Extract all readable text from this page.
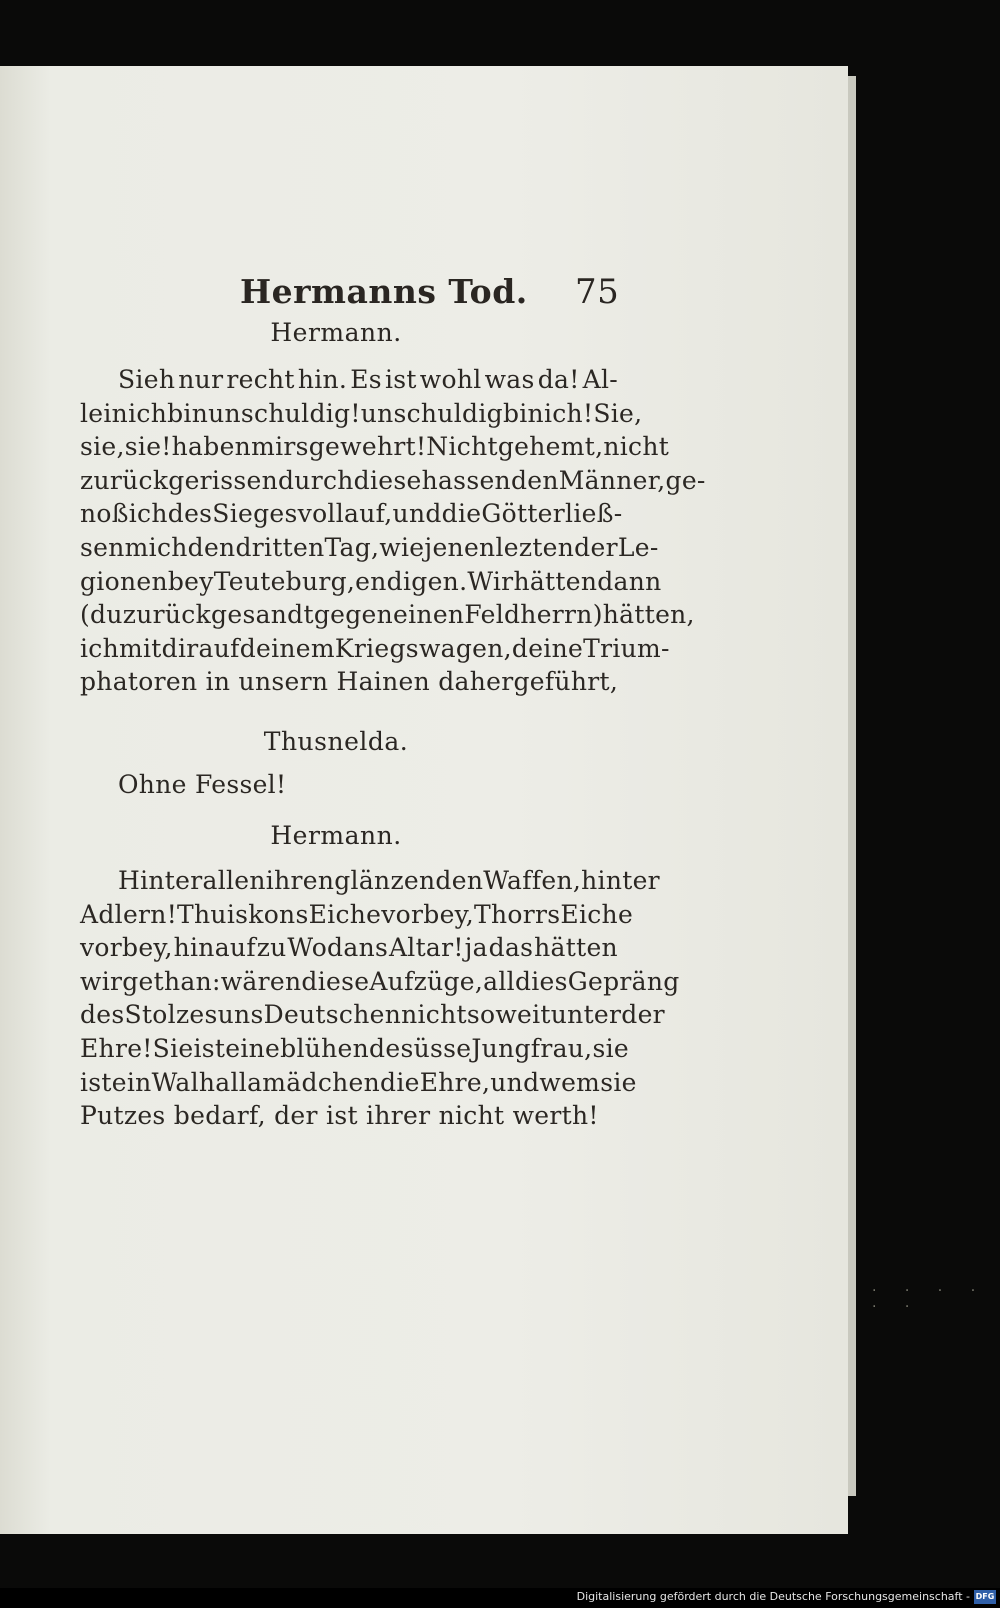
Hermanns Tod. 75
Hermann.
Sieh nur recht hin. Es ist wohl was da! Al-
lein ich bin unschuldig! unschuldig bin ich! Sie,
sie, sie! haben mirs gewehrt! Nicht gehemt, nicht
zurückgerissen durch diese hassenden Männer, ge-
noß ich des Sieges vollauf, und die Götter ließ-
sen mich den dritten Tag, wie jenen lezten der Le-
gionen bey Teuteburg, endigen. Wir hätten dann
(du zurückgesandt gegen einen Feldherrn) hätten,
ich mit dir auf deinem Kriegswagen, deine Trium-
phatoren in unsern Hainen dahergeführt,
Thusnelda.
Ohne Fessel!
Hermann.
Hinter allen ihren glänzenden Waffen, hinter
Adlern! Thuiskons Eiche vorbey, Thorrs Eiche
vorbey, hinauf zu Wodans Altar! ja das hätten
wir gethan: wären diese Aufzüge, all dies Gepräng
des Stolzes uns Deutschen nicht so weit unter der
Ehre! Sie ist eine blühende süsse Jungfrau, sie
ist ein Walhallamädchen die Ehre, und wem sie
Putzes bedarf, der ist ihrer nicht werth!
· · · · · ·
Digitalisierung gefördert durch die Deutsche Forschungsgemeinschaft - DFG
